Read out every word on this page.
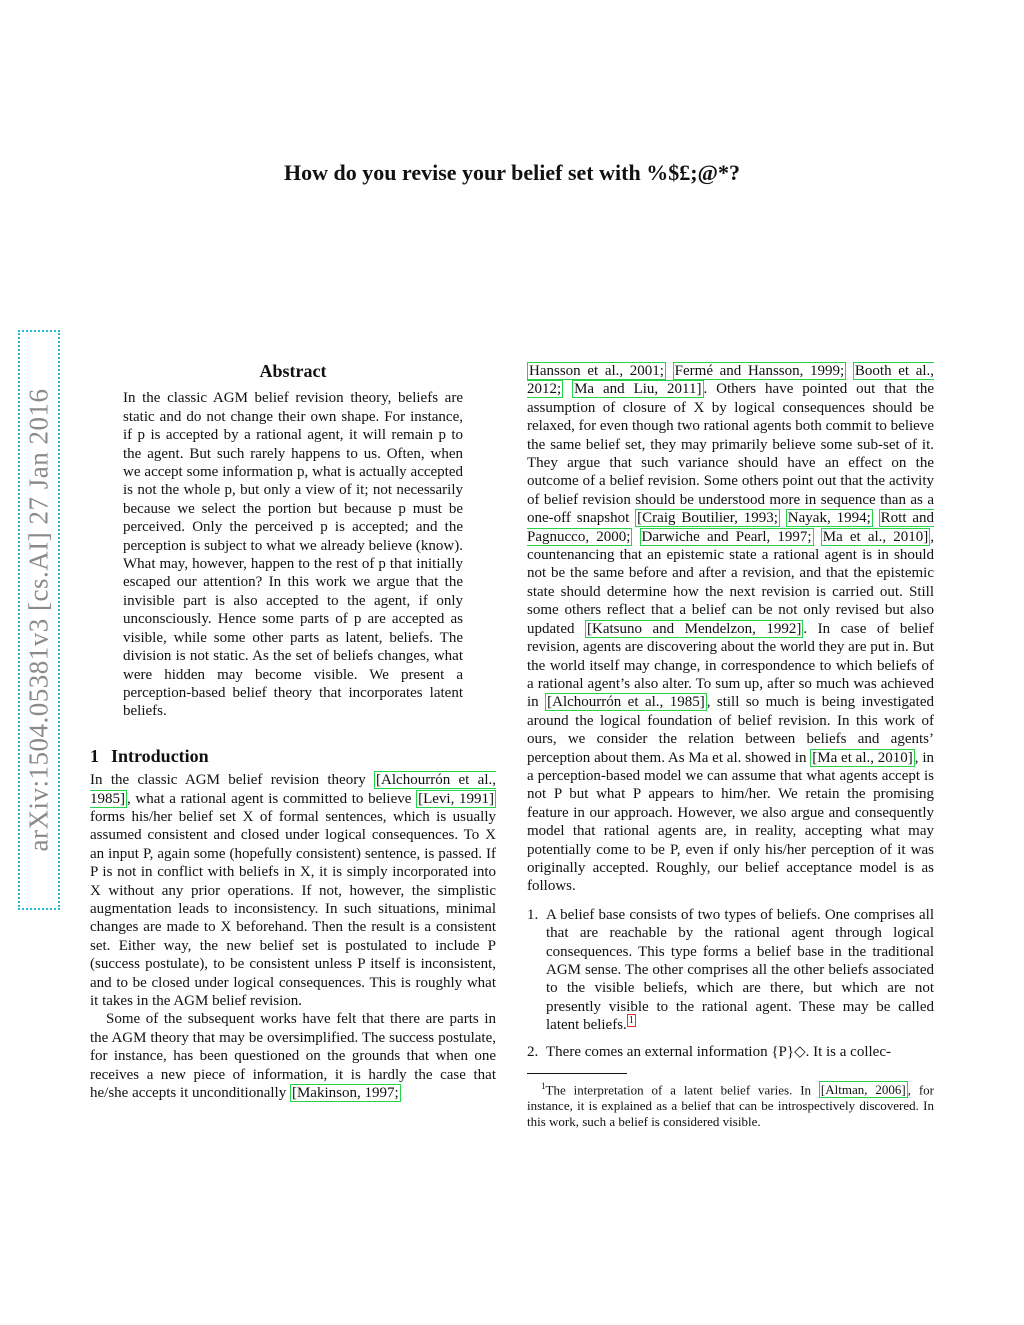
How do you revise your belief set with %$£;@*?
arXiv:1504.05381v3 [cs.AI] 27 Jan 2016
Abstract

In the classic AGM belief revision theory, beliefs are static and do not change their own shape. For instance, if p is accepted by a rational agent, it will remain p to the agent. But such rarely happens to us. Often, when we accept some information p, what is actually accepted is not the whole p, but only a view of it; not necessarily because we select the portion but because p must be perceived. Only the perceived p is accepted; and the perception is subject to what we already believe (know). What may, however, happen to the rest of p that initially escaped our attention? In this work we argue that the invisible part is also accepted to the agent, if only unconsciously. Hence some parts of p are accepted as visible, while some other parts as latent, beliefs. The division is not static. As the set of beliefs changes, what were hidden may become visible. We present a perception-based belief theory that incorporates latent beliefs.

1 Introduction

In the classic AGM belief revision theory [Alchourrón et al., 1985] , what a rational agent is committed to believe [Levi, 1991] forms his/her belief set X of formal sentences, which is usually assumed consistent and closed under logical consequences. To X an input P, again some (hopefully consistent) sentence, is passed. If P is not in conflict with beliefs in X, it is simply incorporated into X without any prior operations. If not, however, the simplistic augmentation leads to inconsistency. In such situations, minimal changes are made to X beforehand. Then the result is a consistent set. Either way, the new belief set is postulated to include P (success postulate), to be consistent unless P itself is inconsistent, and to be closed under logical consequences. This is roughly what it takes in the AGM belief revision.

Some of the subsequent works have felt that there are parts in the AGM theory that may be oversimplified. The success postulate, for instance, has been questioned on the grounds that when one receives a new piece of information, it is hardly the case that he/she accepts it unconditionally [Makinson, 1997;

Hansson et al., 2001; Fermé and Hansson, 1999; Booth et al., 2012; Ma and Liu, 2011] . Others have pointed out that the assumption of closure of X by logical consequences should be relaxed, for even though two rational agents both commit to believe the same belief set, they may primarily believe some sub-set of it. They argue that such variance should have an effect on the outcome of a belief revision. Some others point out that the activity of belief revision should be understood more in sequence than as a one-off snapshot [Craig Boutilier, 1993; Nayak, 1994; Rott and Pagnucco, 2000; Darwiche and Pearl, 1997; Ma et al., 2010] , countenancing that an epistemic state a rational agent is in should not be the same before and after a revision, and that the epistemic state should determine how the next revision is carried out. Still some others reflect that a belief can be not only revised but also updated [Katsuno and Mendelzon, 1992] . In case of belief revision, agents are discovering about the world they are put in. But the world itself may change, in correspondence to which beliefs of a rational agent’s also alter. To sum up, after so much was achieved in [Alchourrón et al., 1985] , still so much is being investigated around the logical foundation of belief revision. In this work of ours, we consider the relation between beliefs and agents’ perception about them. As Ma et al. showed in [Ma et al., 2010] , in a perception-based model we can assume that what agents accept is not P but what P appears to him/her. We retain the promising feature in our approach. However, we also argue and consequently model that rational agents are, in reality, accepting what may potentially come to be P, even if only his/her perception of it was originally accepted. Roughly, our belief acceptance model is as follows.

1. A belief base consists of two types of beliefs. One comprises all that are reachable by the rational agent through logical consequences. This type forms a belief base in the traditional AGM sense. The other comprises all the other beliefs associated to the visible beliefs, which are there, but which are not presently visible to the rational agent. These may be called latent beliefs. $^1$
2. There comes an external information {P}◇. It is a collec-

$^1$The interpretation of a latent belief varies. In [Altman, 2006] , for instance, it is explained as a belief that can be introspectively discovered. In this work, such a belief is considered visible.
